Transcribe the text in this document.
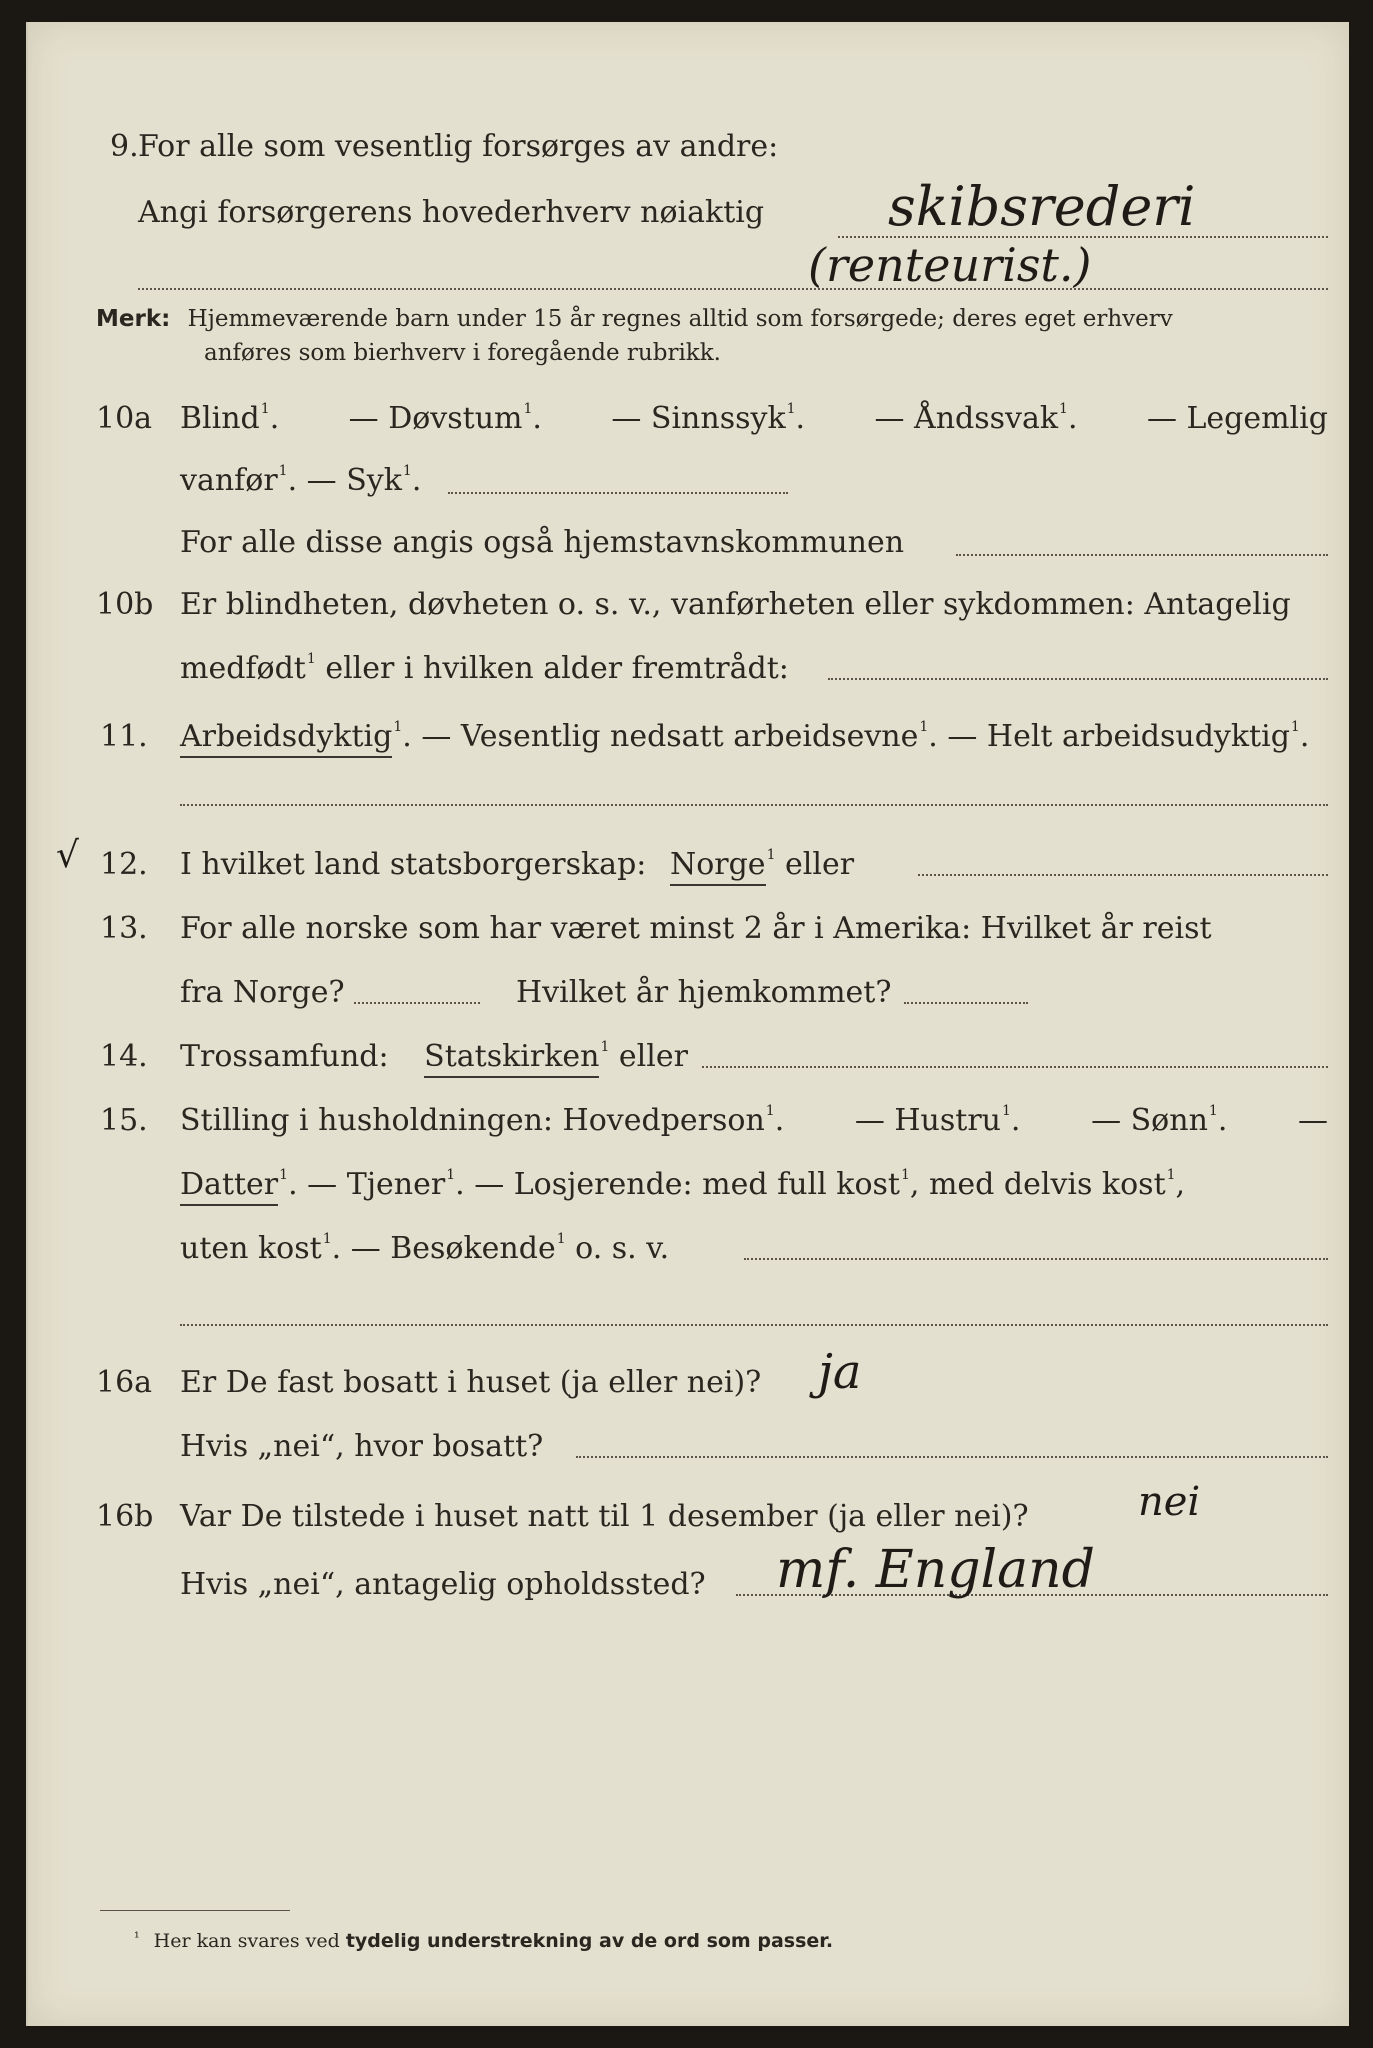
9. For alle som vesentlig forsørges av andre:
Angi forsørgerens hovederhverv nøiaktig skibsrederi
(renteurist.)
Merk: Hjemmeværende barn under 15 år regnes alltid som forsørgede; deres eget erhverv
anføres som bierhverv i foregående rubrikk.
10a Blind$^1$. — Døvstum$^1$. — Sinnssyk$^1$. — Åndssvak$^1$. — Legemlig
vanfør$^1$. — Syk$^1$.
For alle disse angis også hjemstavnskommunen
10b Er blindheten, døvheten o. s. v., vanførheten eller sykdommen: Antagelig
medfødt$^1$ eller i hvilken alder fremtrådt:
11. Arbeidsdyktig$^1$. — Vesentlig nedsatt arbeidsevne$^1$. — Helt arbeidsudyktig$^1$.
√ 12. I hvilket land statsborgerskap: Norge$^1$ eller
13. For alle norske som har været minst 2 år i Amerika: Hvilket år reist
fra Norge?	Hvilket år hjemkommet?
14. Trossamfund: Statskirken$^1$ eller
15. Stilling i husholdningen: Hovedperson$^1$. — Hustru$^1$. — Sønn$^1$. —
Datter$^1$. — Tjener$^1$. — Losjerende: med full kost$^1$, med delvis kost$^1$,
uten kost$^1$. — Besøkende$^1$ o. s. v.
16a Er De fast bosatt i huset (ja eller nei)? ja
Hvis „nei“, hvor bosatt?
16b Var De tilstede i huset natt til 1 desember (ja eller nei)?	nei
Hvis „nei“, antagelig opholdssted? mf. England
$^{^1}$ Her kan svares ved tydelig understrekning av de ord som passer.
